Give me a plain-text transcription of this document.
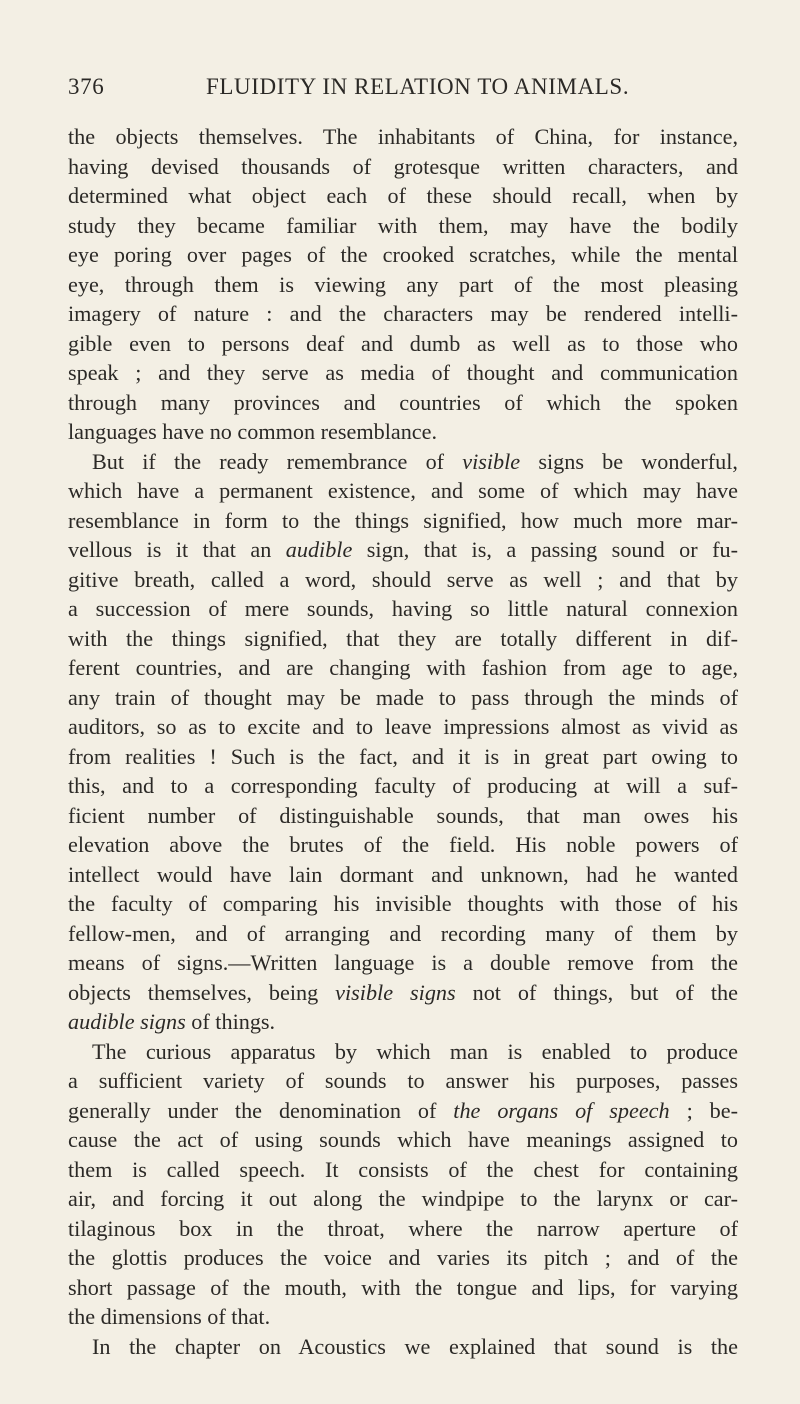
376	FLUIDITY IN RELATION TO ANIMALS.
the objects themselves. The inhabitants of China, for instance,
having devised thousands of grotesque written characters, and
determined what object each of these should recall, when by
study they became familiar with them, may have the bodily
eye poring over pages of the crooked scratches, while the mental
eye, through them is viewing any part of the most pleasing
imagery of nature : and the characters may be rendered intelli-
gible even to persons deaf and dumb as well as to those who
speak ; and they serve as media of thought and communication
through many provinces and countries of which the spoken
languages have no common resemblance.
But if the ready remembrance of visible signs be wonderful,
which have a permanent existence, and some of which may have
resemblance in form to the things signified, how much more mar-
vellous is it that an audible sign, that is, a passing sound or fu-
gitive breath, called a word, should serve as well ; and that by
a succession of mere sounds, having so little natural connexion
with the things signified, that they are totally different in dif-
ferent countries, and are changing with fashion from age to age,
any train of thought may be made to pass through the minds of
auditors, so as to excite and to leave impressions almost as vivid as
from realities ! Such is the fact, and it is in great part owing to
this, and to a corresponding faculty of producing at will a suf-
ficient number of distinguishable sounds, that man owes his
elevation above the brutes of the field. His noble powers of
intellect would have lain dormant and unknown, had he wanted
the faculty of comparing his invisible thoughts with those of his
fellow-men, and of arranging and recording many of them by
means of signs.—Written language is a double remove from the
objects themselves, being visible signs not of things, but of the
audible signs of things.
The curious apparatus by which man is enabled to produce
a sufficient variety of sounds to answer his purposes, passes
generally under the denomination of the organs of speech ; be-
cause the act of using sounds which have meanings assigned to
them is called speech. It consists of the chest for containing
air, and forcing it out along the windpipe to the larynx or car-
tilaginous box in the throat, where the narrow aperture of
the glottis produces the voice and varies its pitch ; and of the
short passage of the mouth, with the tongue and lips, for varying
the dimensions of that.
In the chapter on Acoustics we explained that sound is the
